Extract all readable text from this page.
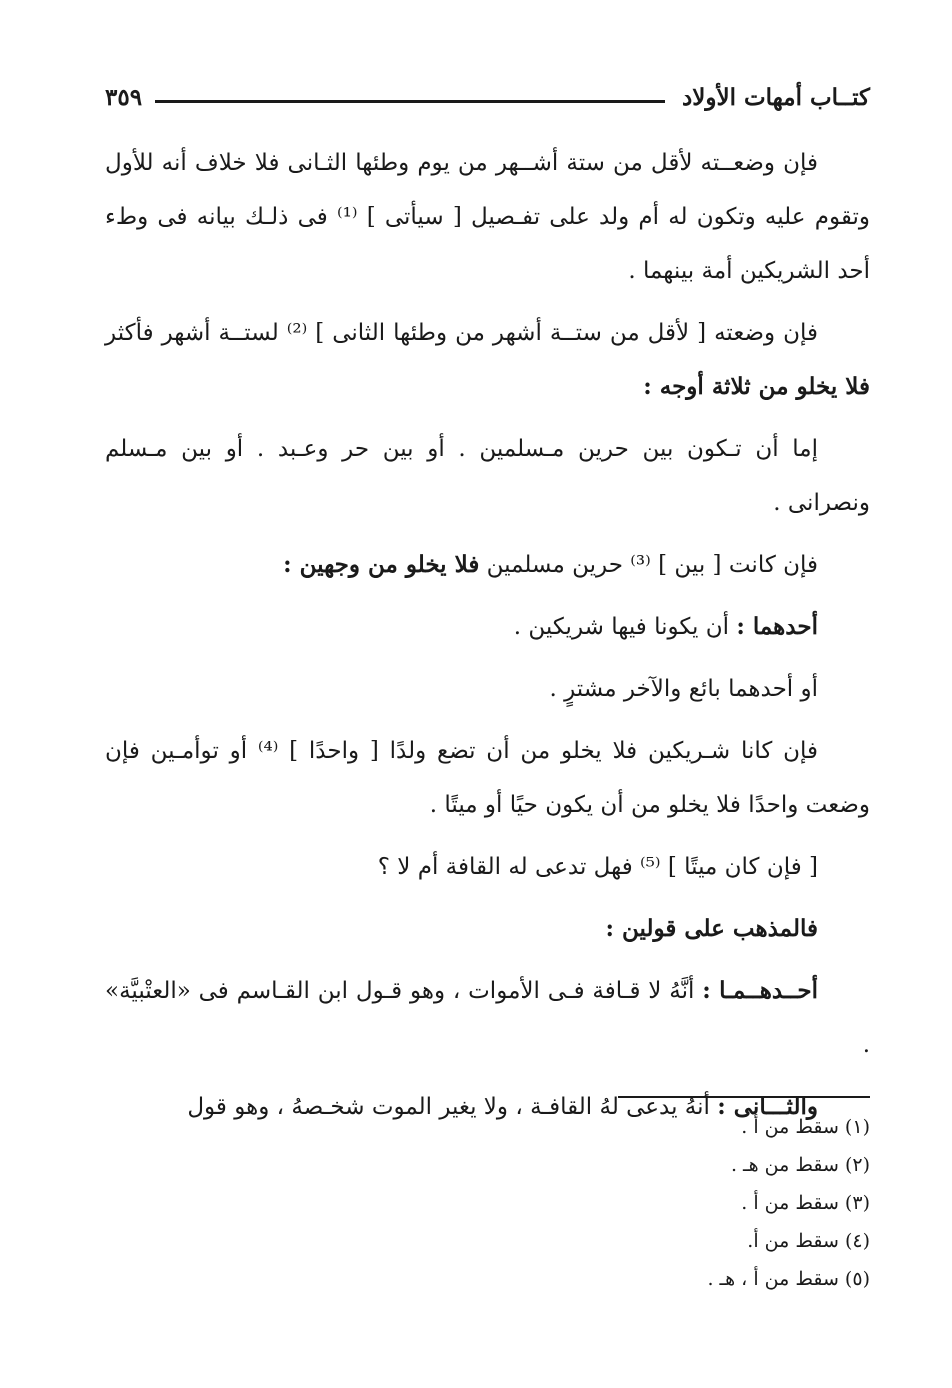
كتــاب أمهات الأولاد
٣٥٩

فإن وضعــته لأقل من ستة أشــهر من يوم وطئها الثـانى فلا خلاف أنه للأول وتقوم عليه وتكون له أم ولد على تفـصيل [ سيأتى ] ⁽¹⁾ فى ذلـك بيانه فى وطء أحد الشريكين أمة بينهما .

فإن وضعته [ لأقل من ستــة أشهر من وطئها الثانى ] ⁽²⁾ لستــة أشهر فأكثر فلا يخلو من ثلاثة أوجه :

إما أن تـكون بين حرين مـسلمين . أو بين حر وعـبد . أو بين مـسلم ونصرانى .

فإن كانت [ بين ] ⁽³⁾ حرين مسلمين فلا يخلو من وجهين :

أحدهما : أن يكونا فيها شريكين .

أو أحدهما بائع والآخر مشترٍ .

فإن كانا شـريكين فلا يخلو من أن تضع ولدًا [ واحدًا ] ⁽⁴⁾ أو توأمـين فإن وضعت واحدًا فلا يخلو من أن يكون حيًا أو ميتًا .

[ فإن كان ميتًا ] ⁽⁵⁾ فهل تدعى له القافة أم لا ؟

فالمذهب على قولين :

أحــدهــمـا : أنَّهُ لا قـافة فـى الأموات ، وهو قـول ابن القـاسم فى «العتْبيَّة» .

والثـــانى : أنهُ يدعى لهُ القافـة ، ولا يغير الموت شخـصهُ ، وهو قول

(١) سقط من أ .
(٢) سقط من هـ .
(٣) سقط من أ .
(٤) سقط من أ.
(٥) سقط من أ ، هـ .
